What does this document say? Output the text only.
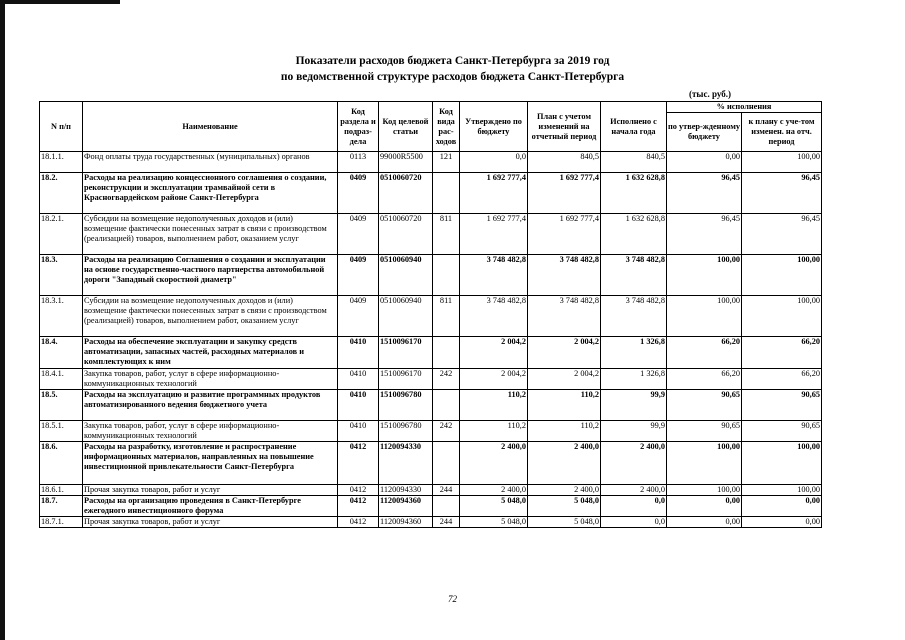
Показатели расходов бюджета Санкт-Петербурга за 2019 год
по ведомственной структуре расходов бюджета Санкт-Петербурга
(тыс. руб.)
N п/п	Наименование	Код раздела и подраз-дела	Код целевой статьи	Код вида рас-ходов	Утверждено по бюджету	План с учетом изменений на отчетный период	Исполнено с начала года	% исполнения	
								по утвер-жденному бюджету	к плану с уче-том изменен. на отч. период
18.1.1.	Фонд оплаты труда государственных (муниципальных) органов	0113	99000R5500	121	0,0	840,5	840,5	0,00	100,00
18.2.	Расходы на реализацию концессионного соглашения о создании, реконструкции и эксплуатации трамвайной сети в Красногвардейском районе Санкт-Петербурга	0409	0510060720		1 692 777,4	1 692 777,4	1 632 628,8	96,45	96,45
18.2.1.	Субсидии на возмещение недополученных доходов и (или) возмещение фактически понесенных затрат в связи с производством (реализацией) товаров, выполнением работ, оказанием услуг	0409	0510060720	811	1 692 777,4	1 692 777,4	1 632 628,8	96,45	96,45
18.3.	Расходы на реализацию Соглашения о создании и эксплуатации на основе государственно-частного партнерства автомобильной дороги "Западный скоростной диаметр"	0409	0510060940		3 748 482,8	3 748 482,8	3 748 482,8	100,00	100,00
18.3.1.	Субсидии на возмещение недополученных доходов и (или) возмещение фактически понесенных затрат в связи с производством (реализацией) товаров, выполнением работ, оказанием услуг	0409	0510060940	811	3 748 482,8	3 748 482,8	3 748 482,8	100,00	100,00
18.4.	Расходы на обеспечение эксплуатации и закупку средств автоматизации, запасных частей, расходных материалов и комплектующих к ним	0410	1510096170		2 004,2	2 004,2	1 326,8	66,20	66,20
18.4.1.	Закупка товаров, работ, услуг в сфере информационно-коммуникационных технологий	0410	1510096170	242	2 004,2	2 004,2	1 326,8	66,20	66,20
18.5.	Расходы на эксплуатацию и развитие программных продуктов автоматизированного ведения бюджетного учета	0410	1510096780		110,2	110,2	99,9	90,65	90,65
18.5.1.	Закупка товаров, работ, услуг в сфере информационно-коммуникационных технологий	0410	1510096780	242	110,2	110,2	99,9	90,65	90,65
18.6.	Расходы на разработку, изготовление и распространение информационных материалов, направленных на повышение инвестиционной привлекательности Санкт-Петербурга	0412	1120094330		2 400,0	2 400,0	2 400,0	100,00	100,00
18.6.1.	Прочая закупка товаров, работ и услуг	0412	1120094330	244	2 400,0	2 400,0	2 400,0	100,00	100,00
18.7.	Расходы на организацию проведения в Санкт-Петербурге ежегодного инвестиционного форума	0412	1120094360		5 048,0	5 048,0	0,0	0,00	0,00
18.7.1.	Прочая закупка товаров, работ и услуг	0412	1120094360	244	5 048,0	5 048,0	0,0	0,00	0,00
72
